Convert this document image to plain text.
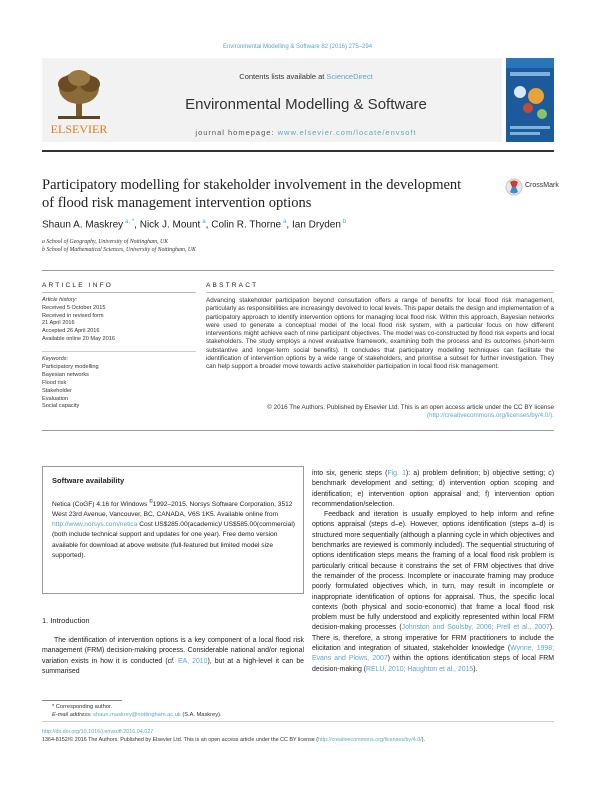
Environmental Modelling & Software 82 (2016) 275–294
ELSEVIER
Contents lists available at ScienceDirect
Environmental Modelling & Software
journal homepage: www.elsevier.com/locate/envsoft
Participatory modelling for stakeholder involvement in the development of flood risk management intervention options
CrossMark
Shaun A. Maskrey $^{a, *}$, Nick J. Mount $^a$, Colin R. Thorne $^a$, Ian Dryden $^b$
a School of Geography, University of Nottingham, UK
b School of Mathematical Sciences, University of Nottingham, UK
ARTICLE INFO	ABSTRACT
Article history:
Received 5 October 2015
Received in revised form
21 April 2016
Accepted 26 April 2016
Available online 20 May 2016
Keywords:
Participatory modelling
Bayesian networks
Flood risk
Stakeholder
Evaluation
Social capacity
Advancing stakeholder participation beyond consultation offers a range of benefits for local flood risk management, particularly as responsibilities are increasingly devolved to local levels. This paper details the design and implementation of a participatory approach to identify intervention options for managing local flood risk. Within this approach, Bayesian networks were used to generate a conceptual model of the local flood risk system, with a particular focus on how different interventions might achieve each of nine participant objectives. The model was co-constructed by flood risk experts and local stakeholders. The study employs a novel evaluative framework, examining both the process and its outcomes (short-term substantive and longer-term social benefits). It concludes that participatory modelling techniques can facilitate the identification of intervention options by a wide range of stakeholders, and prioritise a subset for further investigation. They can help support a broader move towards active stakeholder participation in local flood risk management.
© 2016 The Authors. Published by Elsevier Ltd. This is an open access article under the CC BY license (http://creativecommons.org/licenses/by/4.0/).
Software availability
Netica (CoGF) 4.16 for Windows ©1992–2015. Norsys Software Corporation, 3512 West 23rd Avenue, Vancouver, BC, CANADA, V6S 1K5. Available online from http://www.norsys.com/netica Cost US$285.00(academic)/ US$585.00(commercial) (both include technical support and updates for one year). Free demo version available for download at above website (full-featured but limited model size supported).
1. Introduction
The identification of intervention options is a key component of a local flood risk management (FRM) decision-making process. Considerable national and/or regional variation exists in how it is conducted (cf. EA, 2010), but at a high-level it can be summarised

into six, generic steps (Fig. 1): a) problem definition; b) objective setting; c) benchmark development and setting; d) intervention option scoping and identification; e) intervention option appraisal and; f) intervention option recommendation/selection.

Feedback and iteration is usually employed to help inform and refine options appraisal (steps d–e). However, options identification (steps a–d) is structured more sequentially (although a planning cycle in which objectives and benchmarks are reviewed is commonly included). The sequential structuring of options identification steps means the framing of a local flood risk problem is particularly critical because it constrains the set of FRM objectives that drive the remainder of the process. Incomplete or inaccurate framing may produce poorly formulated objectives which, in turn, may result in incomplete or inappropriate identification of options for appraisal. Thus, the specific local contexts (both physical and socio-economic) that frame a local flood risk problem must be fully understood and explicitly represented within local FRM decision-making processes (Johnston and Soulsby, 2006; Prell et al., 2007). There is, therefore, a strong imperative for FRM practitioners to include the elicitation and integration of situated, stakeholder knowledge (Wynne, 1998; Evans and Plows, 2007) within the options identification steps of local FRM decision-making (RELU, 2010; Haughton et al., 2015).

* Corresponding author.
E-mail address: shaun.maskrey@nottingham.ac.uk (S.A. Maskrey).
http://dx.doi.org/10.1016/j.envsoft.2016.04.027
1364-8152/© 2016 The Authors. Published by Elsevier Ltd. This is an open access article under the CC BY license (http://creativecommons.org/licenses/by/4.0/).
